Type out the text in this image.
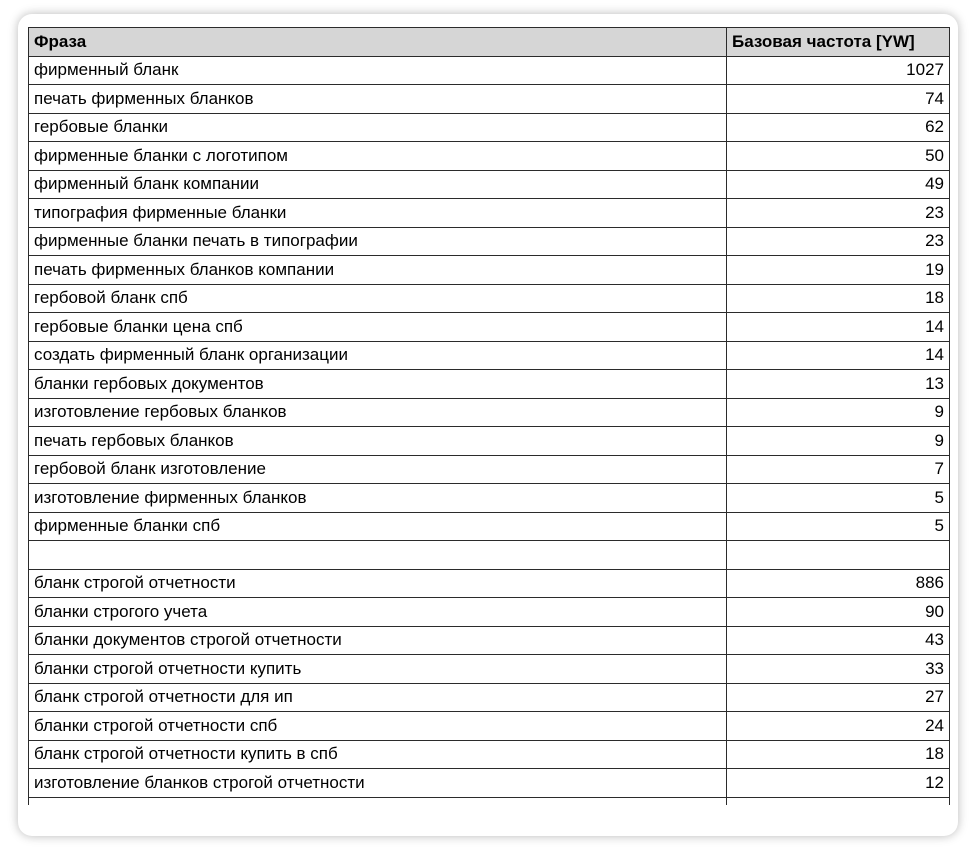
Фраза	Базовая частота [YW]
фирменный бланк	1027
печать фирменных бланков	74
гербовые бланки	62
фирменные бланки с логотипом	50
фирменный бланк компании	49
типография фирменные бланки	23
фирменные бланки печать в типографии	23
печать фирменных бланков компании	19
гербовой бланк спб	18
гербовые бланки цена спб	14
создать фирменный бланк организации	14
бланки гербовых документов	13
изготовление гербовых бланков	9
печать гербовых бланков	9
гербовой бланк изготовление	7
изготовление фирменных бланков	5
фирменные бланки спб	5

бланк строгой отчетности	886
бланки строгого учета	90
бланки документов строгой отчетности	43
бланки строгой отчетности купить	33
бланк строгой отчетности для ип	27
бланки строгой отчетности спб	24
бланк строгой отчетности купить в спб	18
изготовление бланков строгой отчетности	12
